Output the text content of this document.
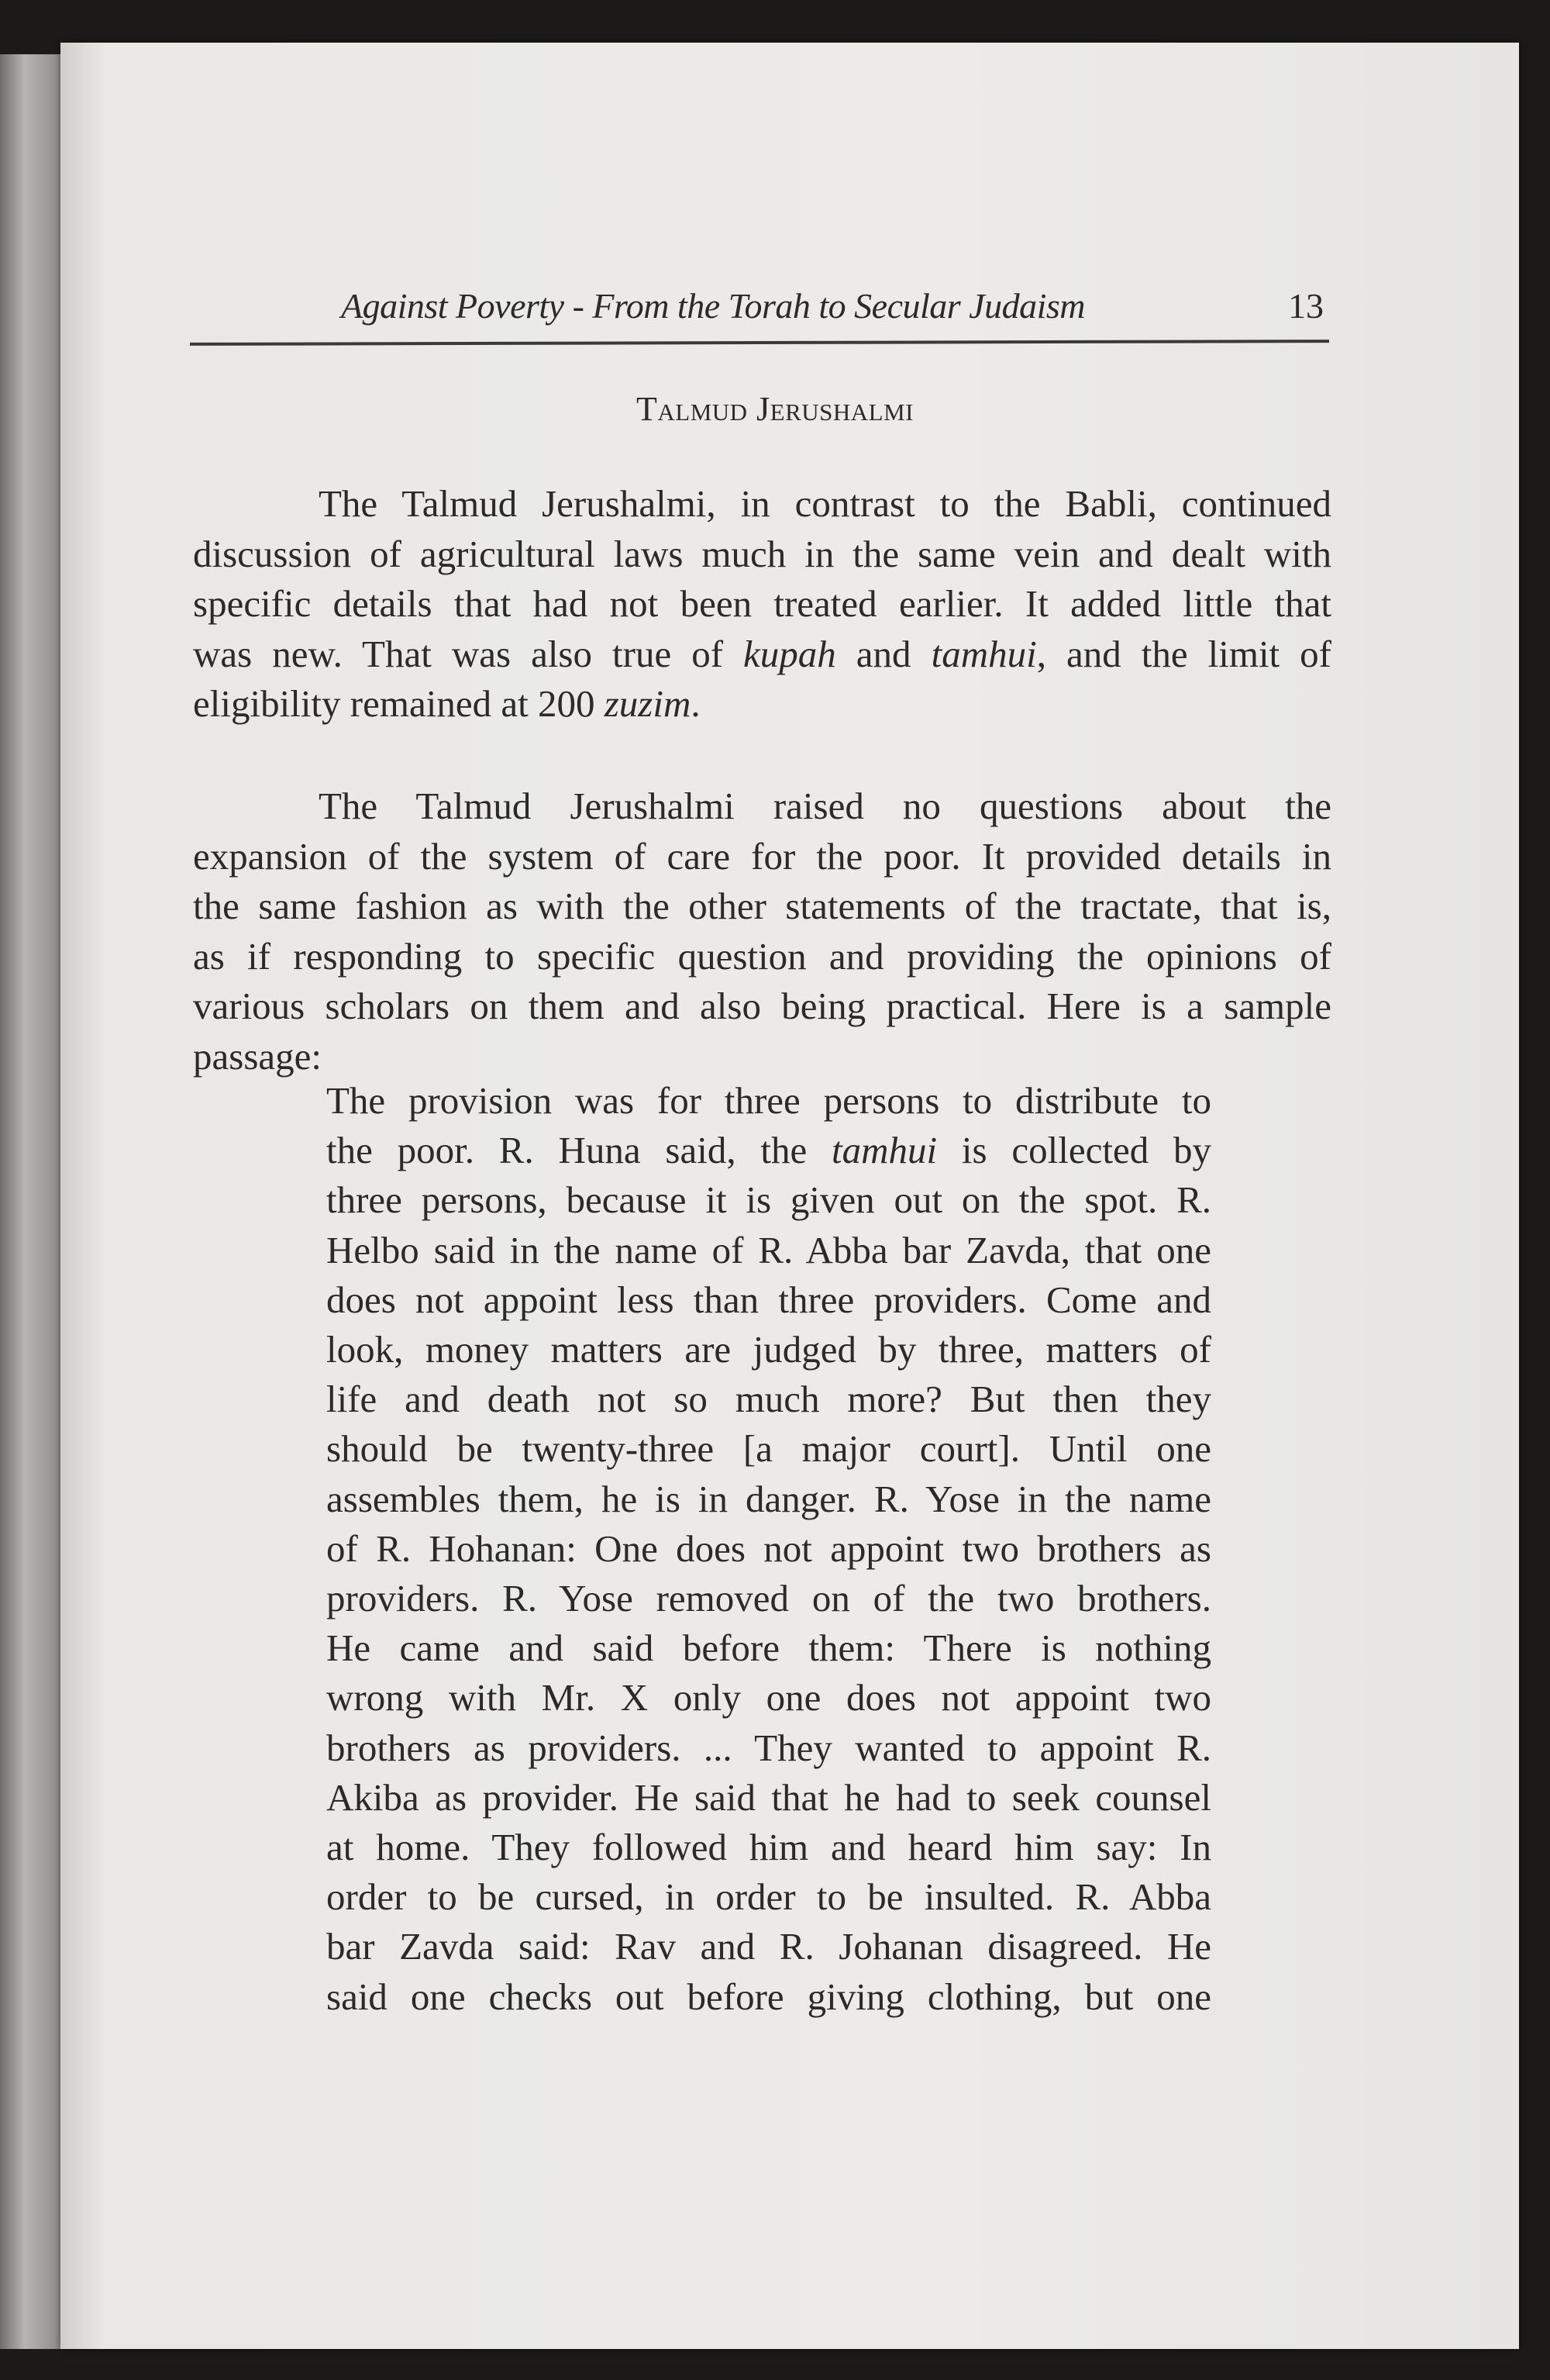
Against Poverty - From the Torah to Secular Judaism	13
Talmud Jerushalmi
The Talmud Jerushalmi, in contrast to the Babli, continued
discussion of agricultural laws much in the same vein and dealt with
specific details that had not been treated earlier. It added little that
was new. That was also true of kupah and tamhui, and the limit of
eligibility remained at 200 zuzim.
The Talmud Jerushalmi raised no questions about the
expansion of the system of care for the poor. It provided details in
the same fashion as with the other statements of the tractate, that is,
as if responding to specific question and providing the opinions of
various scholars on them and also being practical. Here is a sample
passage:
The provision was for three persons to distribute to
the poor. R. Huna said, the tamhui is collected by
three persons, because it is given out on the spot. R.
Helbo said in the name of R. Abba bar Zavda, that one
does not appoint less than three providers. Come and
look, money matters are judged by three, matters of
life and death not so much more? But then they
should be twenty-three [a major court]. Until one
assembles them, he is in danger. R. Yose in the name
of R. Hohanan: One does not appoint two brothers as
providers. R. Yose removed on of the two brothers.
He came and said before them: There is nothing
wrong with Mr. X only one does not appoint two
brothers as providers. ... They wanted to appoint R.
Akiba as provider. He said that he had to seek counsel
at home. They followed him and heard him say: In
order to be cursed, in order to be insulted. R. Abba
bar Zavda said: Rav and R. Johanan disagreed. He
said one checks out before giving clothing, but one
